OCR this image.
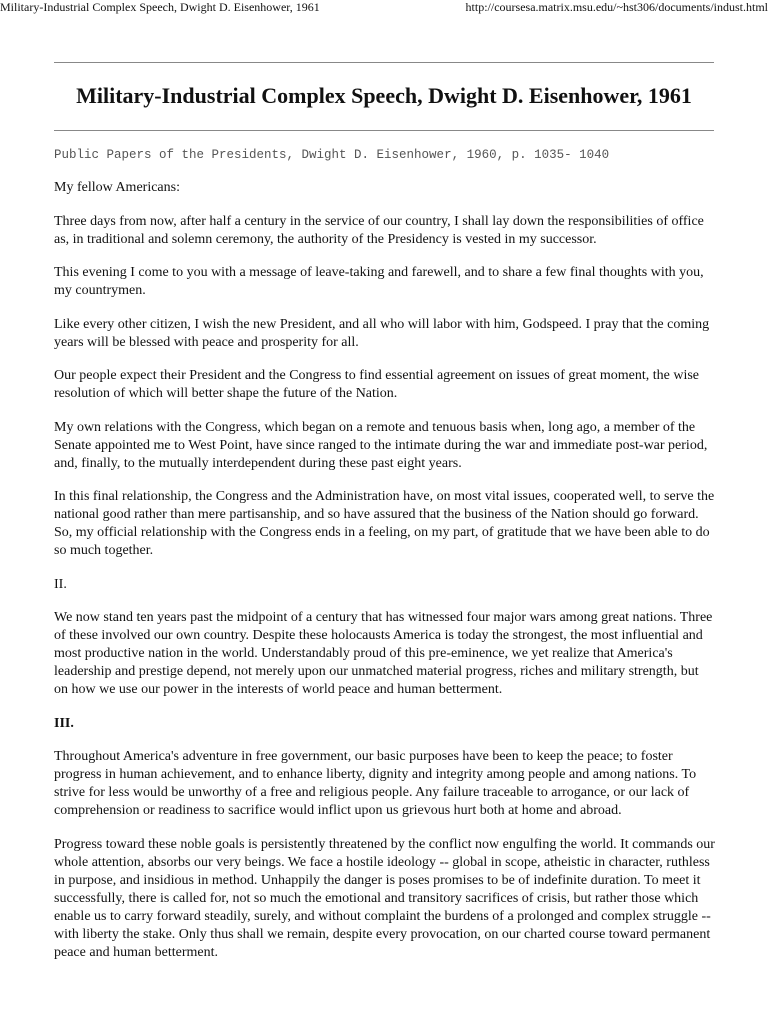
Military-Industrial Complex Speech, Dwight D. Eisenhower, 1961	http://coursesa.matrix.msu.edu/~hst306/documents/indust.html
Military-Industrial Complex Speech, Dwight D. Eisenhower, 1961

Public Papers of the Presidents, Dwight D. Eisenhower, 1960, p. 1035- 1040

My fellow Americans:

Three days from now, after half a century in the service of our country, I shall lay down the responsibilities of office as, in traditional and solemn ceremony, the authority of the Presidency is vested in my successor.

This evening I come to you with a message of leave-taking and farewell, and to share a few final thoughts with you, my countrymen.

Like every other citizen, I wish the new President, and all who will labor with him, Godspeed. I pray that the coming years will be blessed with peace and prosperity for all.

Our people expect their President and the Congress to find essential agreement on issues of great moment, the wise resolution of which will better shape the future of the Nation.

My own relations with the Congress, which began on a remote and tenuous basis when, long ago, a member of the Senate appointed me to West Point, have since ranged to the intimate during the war and immediate post-war period, and, finally, to the mutually interdependent during these past eight years.

In this final relationship, the Congress and the Administration have, on most vital issues, cooperated well, to serve the national good rather than mere partisanship, and so have assured that the business of the Nation should go forward. So, my official relationship with the Congress ends in a feeling, on my part, of gratitude that we have been able to do so much together.

II.

We now stand ten years past the midpoint of a century that has witnessed four major wars among great nations. Three of these involved our own country. Despite these holocausts America is today the strongest, the most influential and most productive nation in the world. Understandably proud of this pre-eminence, we yet realize that America's leadership and prestige depend, not merely upon our unmatched material progress, riches and military strength, but on how we use our power in the interests of world peace and human betterment.

III.

Throughout America's adventure in free government, our basic purposes have been to keep the peace; to foster progress in human achievement, and to enhance liberty, dignity and integrity among people and among nations. To strive for less would be unworthy of a free and religious people. Any failure traceable to arrogance, or our lack of comprehension or readiness to sacrifice would inflict upon us grievous hurt both at home and abroad.

Progress toward these noble goals is persistently threatened by the conflict now engulfing the world. It commands our whole attention, absorbs our very beings. We face a hostile ideology -- global in scope, atheistic in character, ruthless in purpose, and insidious in method. Unhappily the danger is poses promises to be of indefinite duration. To meet it successfully, there is called for, not so much the emotional and transitory sacrifices of crisis, but rather those which enable us to carry forward steadily, surely, and without complaint the burdens of a prolonged and complex struggle -- with liberty the stake. Only thus shall we remain, despite every provocation, on our charted course toward permanent peace and human betterment.
